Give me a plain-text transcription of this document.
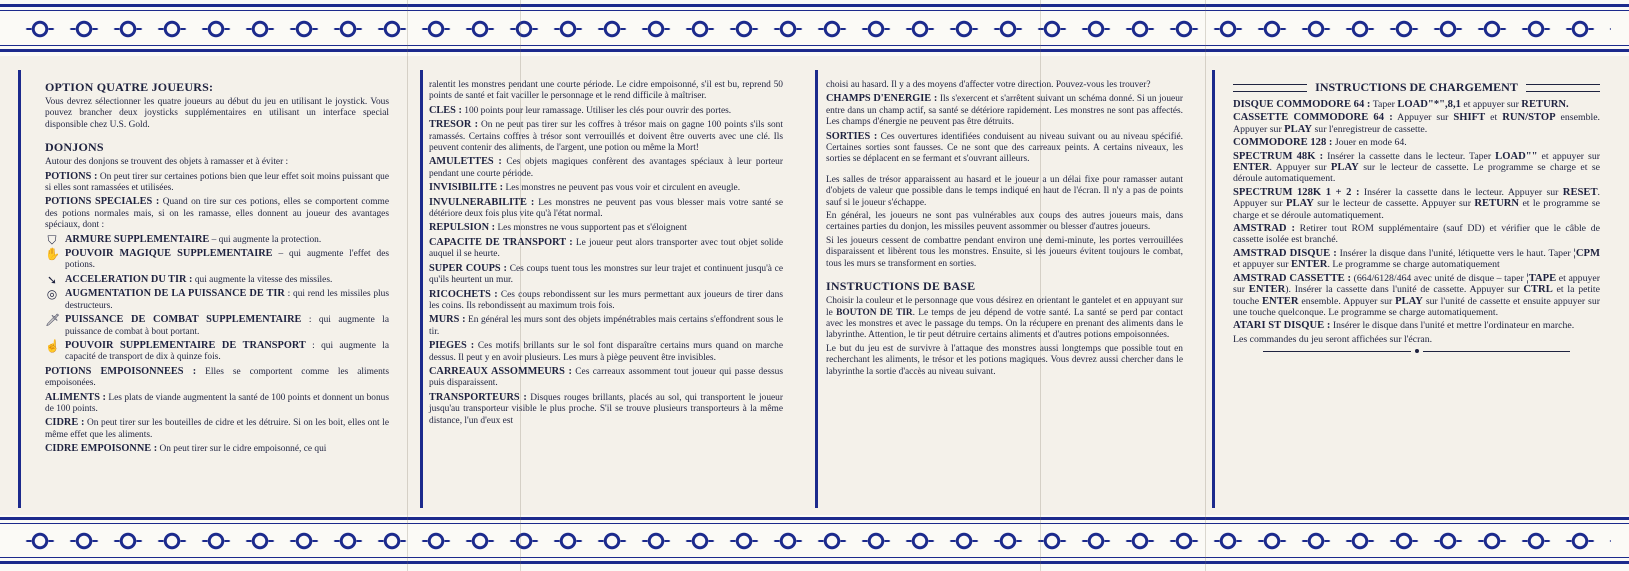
OPTION QUATRE JOUEURS:

Vous devrez sélectionner les quatre joueurs au début du jeu en utilisant le joystick. Vous pouvez brancher deux joysticks supplémentaires en utilisant un interface special disponsible chez U.S. Gold.

DONJONS

Autour des donjons se trouvent des objets à ramasser et à éviter :

POTIONS : On peut tirer sur certaines potions bien que leur effet soit moins puissant que si elles sont ramassées et utilisées.

POTIONS SPECIALES : Quand on tire sur ces potions, elles se comportent comme des potions normales mais, si on les ramasse, elles donnent au joueur des avantages spéciaux, dont :

⛉ ARMURE SUPPLEMENTAIRE – qui augmente la protection.

✋ POUVOIR MAGIQUE SUPPLEMENTAIRE – qui augmente l'effet des potions.

➘ ACCELERATION DU TIR : qui augmente la vitesse des missiles.

◎ AUGMENTATION DE LA PUISSANCE DE TIR : qui rend les missiles plus destructeurs.

🗡 PUISSANCE DE COMBAT SUPPLEMENTAIRE : qui augmente la puissance de combat à bout portant.

☝ POUVOIR SUPPLEMENTAIRE DE TRANSPORT : qui augmente la capacité de transport de dix à quinze fois.

POTIONS EMPOISONNEES : Elles se comportent comme les aliments empoisonées.

ALIMENTS : Les plats de viande augmentent la santé de 100 points et donnent un bonus de 100 points.

CIDRE : On peut tirer sur les bouteilles de cidre et les détruire. Si on les boit, elles ont le même effet que les aliments.

CIDRE EMPOISONNE : On peut tirer sur le cidre empoisonné, ce qui

ralentit les monstres pendant une courte période. Le cidre empoisonné, s'il est bu, reprend 50 points de santé et fait vaciller le personnage et le rend difficile à maîtriser.

CLES : 100 points pour leur ramassage. Utiliser les clés pour ouvrir des portes.

TRESOR : On ne peut pas tirer sur les coffres à trésor mais on gagne 100 points s'ils sont ramassés. Certains coffres à trésor sont verrouillés et doivent être ouverts avec une clé. Ils peuvent contenir des aliments, de l'argent, une potion ou même la Mort!

AMULETTES : Ces objets magiques confèrent des avantages spéciaux à leur porteur pendant une courte période.

INVISIBILITE : Les monstres ne peuvent pas vous voir et circulent en aveugle.

INVULNERABILITE : Les monstres ne peuvent pas vous blesser mais votre santé se détériore deux fois plus vite qu'à l'état normal.

REPULSION : Les monstres ne vous supportent pas et s'éloignent

CAPACITE DE TRANSPORT : Le joueur peut alors transporter avec tout objet solide auquel il se heurte.

SUPER COUPS : Ces coups tuent tous les monstres sur leur trajet et continuent jusqu'à ce qu'ils heurtent un mur.

RICOCHETS : Ces coups rebondissent sur les murs permettant aux joueurs de tirer dans les coins. Ils rebondissent au maximum trois fois.

MURS : En général les murs sont des objets impénétrables mais certains s'effondrent sous le tir.

PIEGES : Ces motifs brillants sur le sol font disparaître certains murs quand on marche dessus. Il peut y en avoir plusieurs. Les murs à piège peuvent être invisibles.

CARREAUX ASSOMMEURS : Ces carreaux assomment tout joueur qui passe dessus puis disparaissent.

TRANSPORTEURS : Disques rouges brillants, placés au sol, qui transportent le joueur jusqu'au transporteur visible le plus proche. S'il se trouve plusieurs transporteurs à la même distance, l'un d'eux est

choisi au hasard. Il y a des moyens d'affecter votre direction. Pouvez-vous les trouver?

CHAMPS D'ENERGIE : Ils s'exercent et s'arrêtent suivant un schéma donné. Si un joueur entre dans un champ actif, sa santé se détériore rapidement. Les monstres ne sont pas affectés. Les champs d'énergie ne peuvent pas être détruits.

SORTIES : Ces ouvertures identifiées conduisent au niveau suivant ou au niveau spécifié. Certaines sorties sont fausses. Ce ne sont que des carreaux peints. A certains niveaux, les sorties se déplacent en se fermant et s'ouvrant ailleurs.

Les salles de trésor apparaissent au hasard et le joueur a un délai fixe pour ramasser autant d'objets de valeur que possible dans le temps indiqué en haut de l'écran. Il n'y a pas de points sauf si le joueur s'échappe.

En général, les joueurs ne sont pas vulnérables aux coups des autres joueurs mais, dans certaines parties du donjon, les missiles peuvent assommer ou blesser d'autres joueurs.

Si les joueurs cessent de combattre pendant environ une demi-minute, les portes verrouillées disparaissent et libèrent tous les monstres. Ensuite, si les joueurs évitent toujours le combat, tous les murs se transforment en sorties.

INSTRUCTIONS DE BASE

Choisir la couleur et le personnage que vous désirez en orientant le gantelet et en appuyant sur le BOUTON DE TIR. Le temps de jeu dépend de votre santé. La santé se perd par contact avec les monstres et avec le passage du temps. On la récupere en prenant des aliments dans le labyrinthe. Attention, le tir peut détruire certains aliments et d'autres potions empoisonnées.

Le but du jeu est de survivre à l'attaque des monstres aussi longtemps que possible tout en recherchant les aliments, le trésor et les potions magiques. Vous devrez aussi chercher dans le labyrinthe la sortie d'accès au niveau suivant.

INSTRUCTIONS DE CHARGEMENT

DISQUE COMMODORE 64 : Taper LOAD"*",8,1 et appuyer sur RETURN.

CASSETTE COMMODORE 64 : Appuyer sur SHIFT et RUN/STOP ensemble. Appuyer sur PLAY sur l'enregistreur de cassette.

COMMODORE 128 : Jouer en mode 64.

SPECTRUM 48K : Insérer la cassette dans le lecteur. Taper LOAD"" et appuyer sur ENTER. Appuyer sur PLAY sur le lecteur de cassette. Le programme se charge et se déroule automatiquement.

SPECTRUM 128K 1 + 2 : Insérer la cassette dans le lecteur. Appuyer sur RESET. Appuyer sur PLAY sur le lecteur de cassette. Appuyer sur RETURN et le programme se charge et se déroule automatiquement.

AMSTRAD : Retirer tout ROM supplémentaire (sauf DD) et vérifier que le câble de cassette isolée est branché.

AMSTRAD DISQUE : Insérer la disque dans l'unité, létiquette vers le haut. Taper ¦CPM et appuyer sur ENTER. Le programme se charge automatiquement

AMSTRAD CASSETTE : (664/6128/464 avec unité de disque – taper ¦TAPE et appuyer sur ENTER). Insérer la cassette dans l'unité de cassette. Appuyer sur CTRL et la petite touche ENTER ensemble. Appuyer sur PLAY sur l'unité de cassette et ensuite appuyer sur une touche quelconque. Le programme se charge automatiquement.

ATARI ST DISQUE : Insérer le disque dans l'unité et mettre l'ordinateur en marche.

Les commandes du jeu seront affichées sur l'écran.
